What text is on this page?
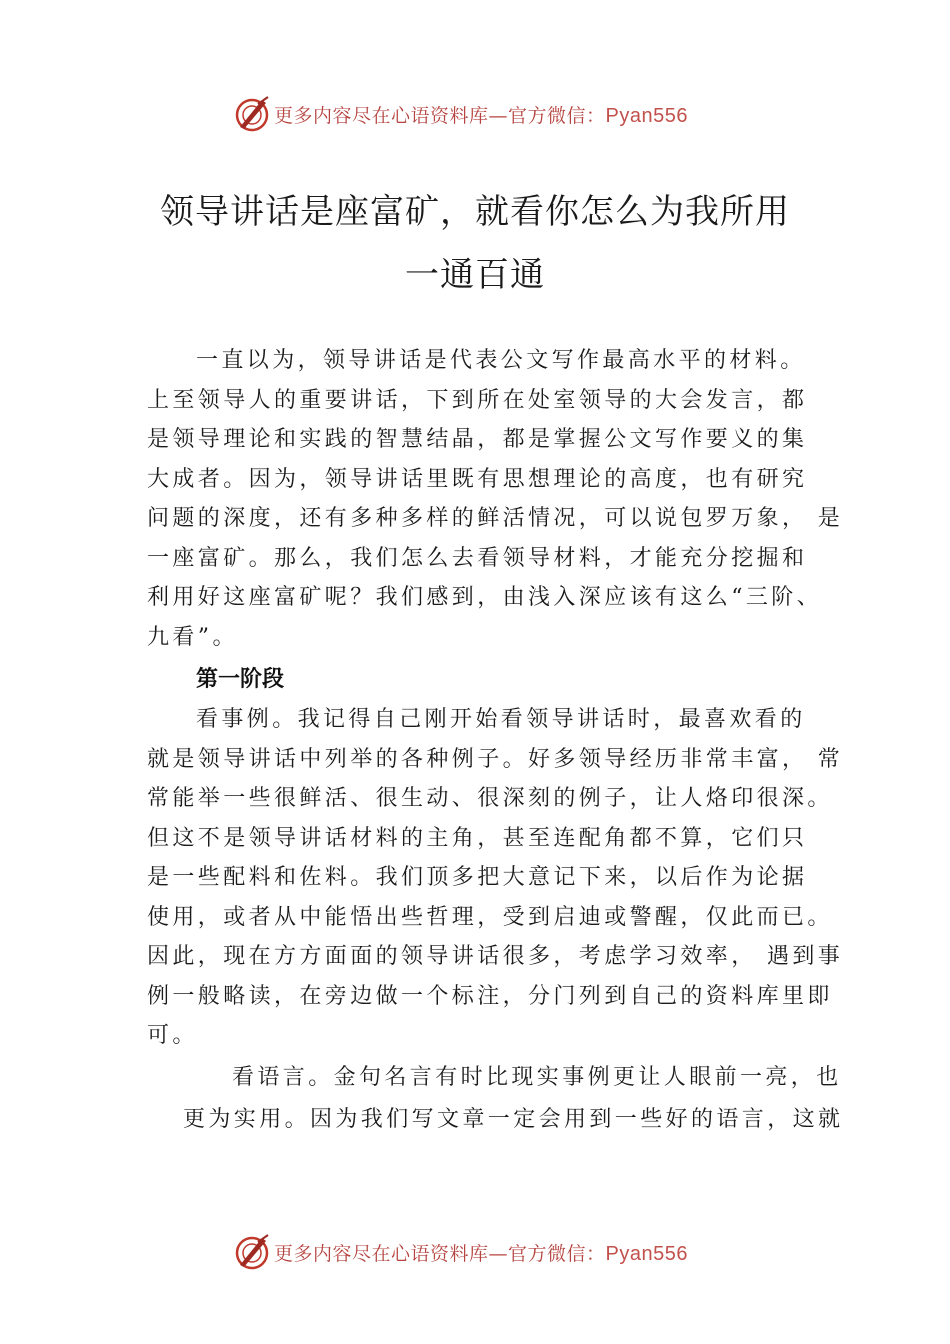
更多内容尽在心语资料库—官方微信：Pyan556
领导讲话是座富矿，就看你怎么为我所用
一通百通
一直以为，领导讲话是代表公文写作最高水平的材料。
上至领导人的重要讲话，下到所在处室领导的大会发言，都
是领导理论和实践的智慧结晶，都是掌握公文写作要义的集
大成者。因为，领导讲话里既有思想理论的高度，也有研究
问题的深度，还有多种多样的鲜活情况，可以说包罗万象， 是
一座富矿。那么，我们怎么去看领导材料，才能充分挖掘和
利用好这座富矿呢？我们感到，由浅入深应该有这么“三阶、
九看”。
第一阶段
看事例。我记得自己刚开始看领导讲话时，最喜欢看的
就是领导讲话中列举的各种例子。好多领导经历非常丰富， 常
常能举一些很鲜活、很生动、很深刻的例子，让人烙印很深。
但这不是领导讲话材料的主角，甚至连配角都不算，它们只
是一些配料和佐料。我们顶多把大意记下来，以后作为论据
使用，或者从中能悟出些哲理，受到启迪或警醒，仅此而已。
因此，现在方方面面的领导讲话很多，考虑学习效率， 遇到事
例一般略读，在旁边做一个标注，分门列到自己的资料库里即
可。
看语言。金句名言有时比现实事例更让人眼前一亮，也
更为实用。因为我们写文章一定会用到一些好的语言，这就
更多内容尽在心语资料库—官方微信：Pyan556
